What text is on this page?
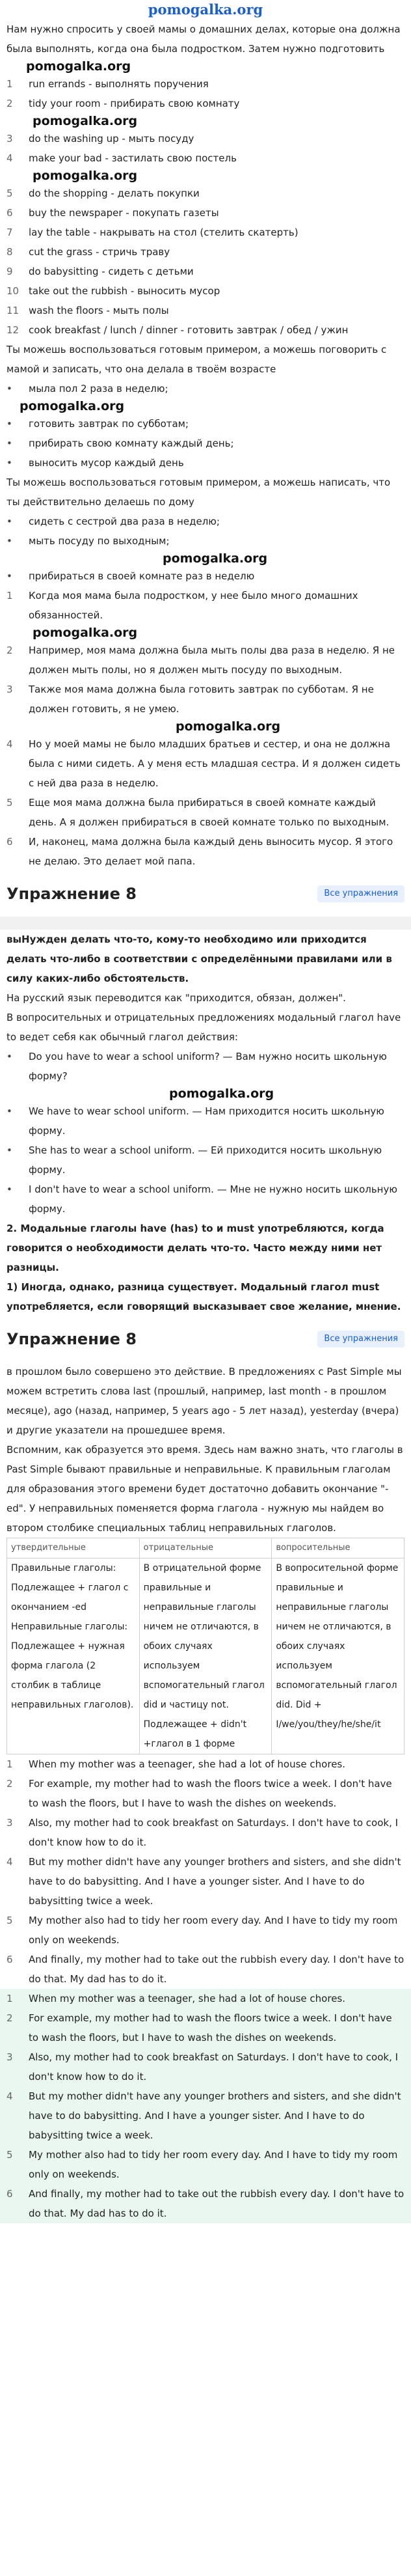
pomogalka.org
Нам нужно спросить у своей мамы о домашних делах, которые она должна была выполнять, когда она была подростком. Затем нужно подготовить
pomogalka.org
1	run errands - выполнять поручения
2	tidy your room - прибирать свою комнату
pomogalka.org
3	do the washing up - мыть посуду
4	make your bad - застилать свою постель
pomogalka.org
5	do the shopping - делать покупки
6	buy the newspaper - покупать газеты
7	lay the table - накрывать на стол (стелить скатерть)
8	cut the grass - стричь траву
9	do babysitting - сидеть с детьми
10 take out the rubbish - выносить мусор
11 wash the floors - мыть полы
12 cook breakfast / lunch / dinner - готовить завтрак / обед / ужин
Ты можешь воспользоваться готовым примером, а можешь поговорить с мамой и записать, что она делала в твоём возрасте
•	мыла пол 2 раза в неделю;
pomogalka.org
•	готовить завтрак по субботам;
•	прибирать свою комнату каждый день;
•	выносить мусор каждый день
Ты можешь воспользоваться готовым примером, а можешь написать, что ты действительно делаешь по дому
•	сидеть с сестрой два раза в неделю;
•	мыть посуду по выходным;
pomogalka.org
•	прибираться в своей комнате раз в неделю
1	Когда моя мама была подростком, у нее было много домашних обязанностей.
pomogalka.org
2	Например, моя мама должна была мыть полы два раза в неделю. Я не должен мыть полы, но я должен мыть посуду по выходным.
3	Также моя мама должна была готовить завтрак по субботам. Я не должен готовить, я не умею.
pomogalka.org
4	Но у моей мамы не было младших братьев и сестер, и она не должна была с ними сидеть. А у меня есть младшая сестра. И я должен сидеть с ней два раза в неделю.
5	Еще моя мама должна была прибираться в своей комнате каждый день. А я должен прибираться в своей комнате только по выходным.
6	И, наконец, мама должна была каждый день выносить мусор. Я этого не делаю. Это делает мой папа.
Упражнение 8	Все упражнения
выНужден делать что-то, кому-то необходимо или приходится делать что-либо в соответствии с определёнными правилами или в силу каких-либо обстоятельств.
На русский язык переводится как "приходится, обязан, должен".
В вопросительных и отрицательных предложениях модальный глагол have to ведет себя как обычный глагол действия:
•	Do you have to wear a school uniform? — Вам нужно носить школьную форму?
pomogalka.org
•	We have to wear school uniform. — Нам приходится носить школьную форму.
•	She has to wear a school uniform. — Ей приходится носить школьную форму.
•	I don't have to wear a school uniform. — Мне не нужно носить школьную форму.
2. Модальные глаголы have (has) to и must употребляются, когда говорится о необходимости делать что-то. Часто между ними нет разницы.
1) Иногда, однако, разница существует. Модальный глагол must употребляется, если говорящий высказывает свое желание, мнение.
Упражнение 8	Все упражнения
в прошлом было совершено это действие. В предложениях с Past Simple мы можем встретить слова last (прошлый, например, last month - в прошлом месяце), ago (назад, например, 5 years ago - 5 лет назад), yesterday (вчера) и другие указатели на прошедшее время.
Вспомним, как образуется это время. Здесь нам важно знать, что глаголы в Past Simple бывают правильные и неправильные. К правильным глаголам для образования этого времени будет достаточно добавить окончание "-ed". У неправильных поменяется форма глагола - нужную мы найдем во втором столбике специальных таблиц неправильных глаголов.
утвердительные	отрицательные	вопросительные
Правильные глаголы: Подлежащее + глагол с окончанием -ed Неправильные глаголы: Подлежащее + нужная форма глагола (2 столбик в таблице неправильных глаголов).	В отрицательной форме правильные и неправильные глаголы ничем не отличаются, в обоих случаях используем вспомогательный глагол did и частицу not. Подлежащее + didn't +глагол в 1 форме	В вопросительной форме правильные и неправильные глаголы ничем не отличаются, в обоих случаях используем вспомогательный глагол did. Did + I/we/you/they/he/she/it
1	When my mother was a teenager, she had a lot of house chores.
2	For example, my mother had to wash the floors twice a week. I don't have to wash the floors, but I have to wash the dishes on weekends.
3	Also, my mother had to cook breakfast on Saturdays. I don't have to cook, I don't know how to do it.
4	But my mother didn't have any younger brothers and sisters, and she didn't have to do babysitting. And I have a younger sister. And I have to do babysitting twice a week.
5	My mother also had to tidy her room every day. And I have to tidy my room only on weekends.
6	And finally, my mother had to take out the rubbish every day. I don't have to do that. My dad has to do it.
1	When my mother was a teenager, she had a lot of house chores.
2	For example, my mother had to wash the floors twice a week. I don't have to wash the floors, but I have to wash the dishes on weekends.
3	Also, my mother had to cook breakfast on Saturdays. I don't have to cook, I don't know how to do it.
4	But my mother didn't have any younger brothers and sisters, and she didn't have to do babysitting. And I have a younger sister. And I have to do babysitting twice a week.
5	My mother also had to tidy her room every day. And I have to tidy my room only on weekends.
6	And finally, my mother had to take out the rubbish every day. I don't have to do that. My dad has to do it.
